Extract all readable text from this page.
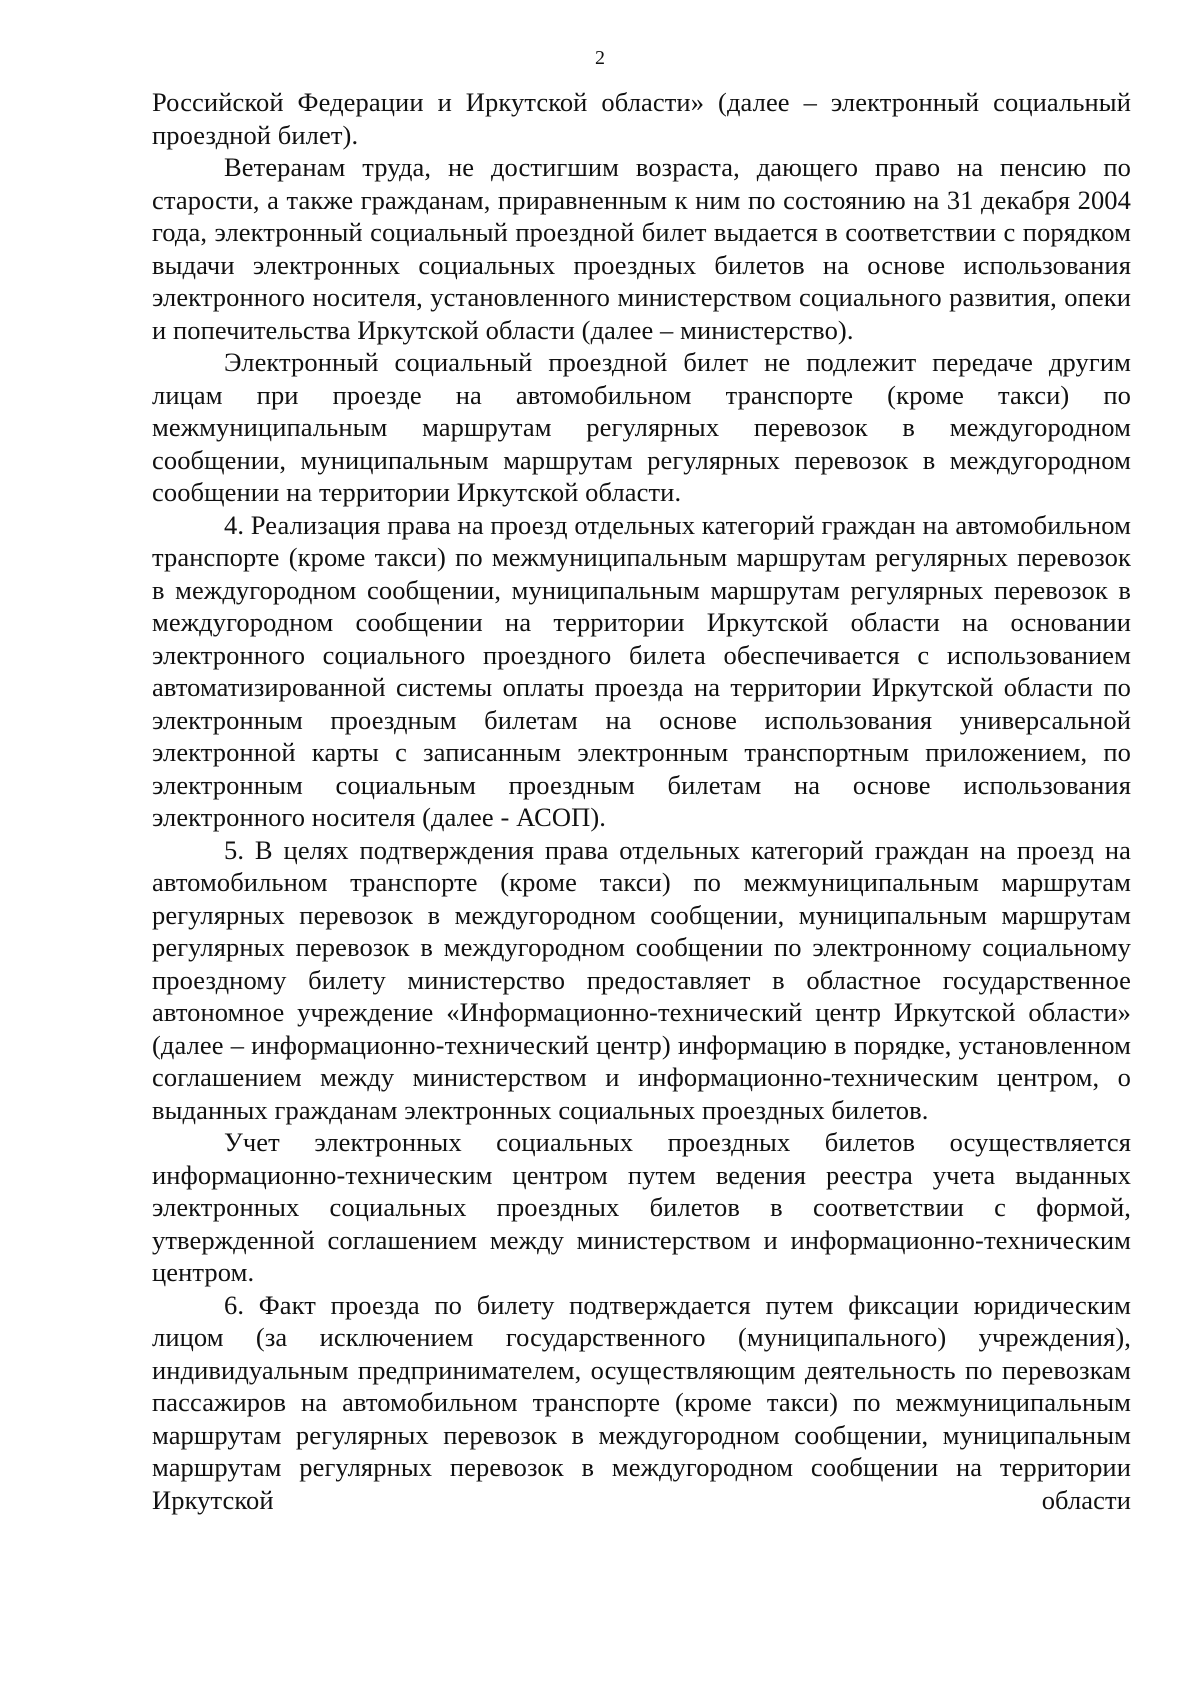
2

Российской Федерации и Иркутской области» (далее – электронный социальный проездной билет).

Ветеранам труда, не достигшим возраста, дающего право на пенсию по старости, а также гражданам, приравненным к ним по состоянию на 31 декабря 2004 года, электронный социальный проездной билет выдается в соответствии с порядком выдачи электронных социальных проездных билетов на основе использования электронного носителя, установленного министерством социального развития, опеки и попечительства Иркутской области (далее – министерство).

Электронный социальный проездной билет не подлежит передаче другим лицам при проезде на автомобильном транспорте (кроме такси) по межмуниципальным маршрутам регулярных перевозок в междугородном сообщении, муниципальным маршрутам регулярных перевозок в междугородном сообщении на территории Иркутской области.

4. Реализация права на проезд отдельных категорий граждан на автомобильном транспорте (кроме такси) по межмуниципальным маршрутам регулярных перевозок в междугородном сообщении, муниципальным маршрутам регулярных перевозок в междугородном сообщении на территории Иркутской области на основании электронного социального проездного билета обеспечивается с использованием автоматизированной системы оплаты проезда на территории Иркутской области по электронным проездным билетам на основе использования универсальной электронной карты с записанным электронным транспортным приложением, по электронным социальным проездным билетам на основе использования электронного носителя (далее - АСОП).

5. В целях подтверждения права отдельных категорий граждан на проезд на автомобильном транспорте (кроме такси) по межмуниципальным маршрутам регулярных перевозок в междугородном сообщении, муниципальным маршрутам регулярных перевозок в междугородном сообщении по электронному социальному проездному билету министерство предоставляет в областное государственное автономное учреждение «Информационно-технический центр Иркутской области» (далее – информационно-технический центр) информацию в порядке, установленном соглашением между министерством и информационно-техническим центром, о выданных гражданам электронных социальных проездных билетов.

Учет электронных социальных проездных билетов осуществляется информационно-техническим центром путем ведения реестра учета выданных электронных социальных проездных билетов в соответствии с формой, утвержденной соглашением между министерством и информационно-техническим центром.

6. Факт проезда по билету подтверждается путем фиксации юридическим лицом (за исключением государственного (муниципального) учреждения), индивидуальным предпринимателем, осуществляющим деятельность по перевозкам пассажиров на автомобильном транспорте (кроме такси) по межмуниципальным маршрутам регулярных перевозок в междугородном сообщении, муниципальным маршрутам регулярных перевозок в междугородном сообщении на территории Иркутской области
